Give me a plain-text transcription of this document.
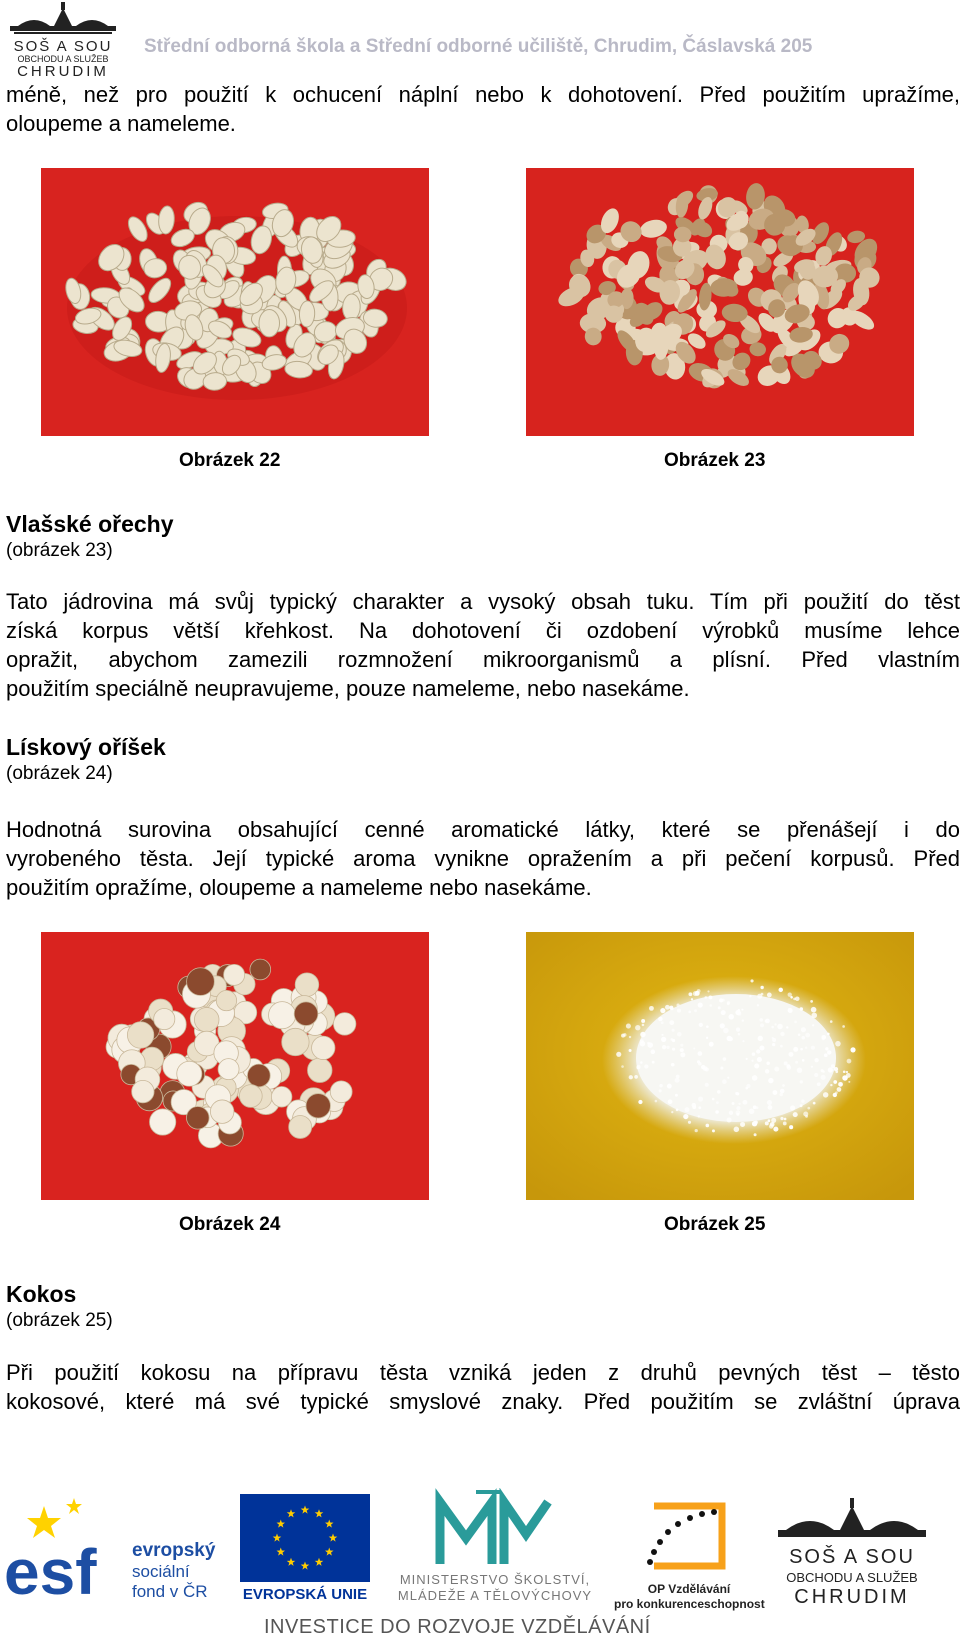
SOŠ A SOU
OBCHODU A SLUŽEB
CHRUDIM
Střední odborná škola a Střední odborné učiliště, Chrudim, Čáslavská 205
méně, než pro použití k ochucení náplní nebo k dohotovení. Před použitím upražíme,
oloupeme a nameleme.
Obrázek 22	Obrázek 23
Vlašské ořechy
(obrázek 23)
Tato jádrovina má svůj typický charakter a vysoký obsah tuku. Tím při použití do těst
získá korpus větší křehkost. Na dohotovení či ozdobení výrobků musíme lehce
opražit, abychom zamezili rozmnožení mikroorganismů a plísní. Před vlastním
použitím speciálně neupravujeme, pouze nameleme, nebo nasekáme.
Lískový oříšek
(obrázek 24)
Hodnotná surovina obsahující cenné aromatické látky, které se přenášejí i do
vyrobeného těsta. Její typické aroma vynikne opražením a při pečení korpusů. Před
použitím opražíme, oloupeme a nameleme nebo nasekáme.
Obrázek 24	Obrázek 25
Kokos
(obrázek 25)
Při použití kokosu na přípravu těsta vzniká jeden z druhů pevných těst – těsto
kokosové, které má své typické smyslové znaky. Před použitím se zvláštní úprava
esf evropský
sociální
fond v ČR EVROPSKÁ UNIE
MINISTERSTVO ŠKOLSTVÍ,
MLÁDEŽE A TĚLOVÝCHOVY	OP Vzdělávání
pro konkurenceschopnost
SOŠ A SOU
OBCHODU A SLUŽEB
CHRUDIM
INVESTICE DO ROZVOJE VZDĚLÁVÁNÍ
